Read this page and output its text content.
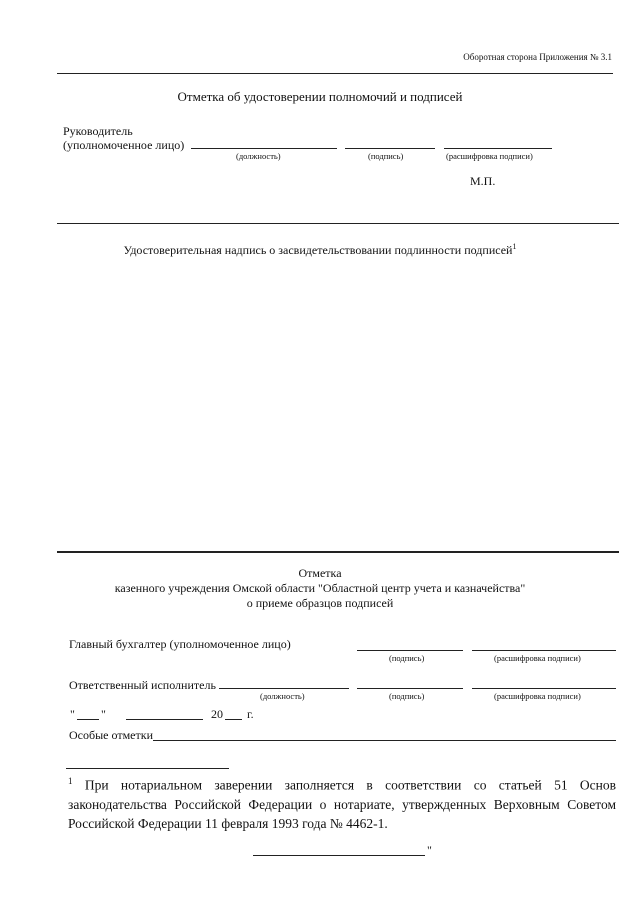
Оборотная сторона Приложения № 3.1
Отметка об удостоверении полномочий и подписей
Руководитель
(уполномоченное лицо)
(должность)	(подпись)	(расшифровка подписи)
М.П.
Удостоверительная надпись о засвидетельствовании подлинности подписей$^1$
Отметка
казенного учреждения Омской области "Областной центр учета и казначейства"
о приеме образцов подписей
Главный бухгалтер (уполномоченное лицо)
(подпись)	(расшифровка подписи)
Ответственный исполнитель
(должность)	(подпись)	(расшифровка подписи)
" "	20 г.
Особые отметки
$^1$ При нотариальном заверении заполняется в соответствии со статьей 51 Основ законодательства Российской Федерации о нотариате, утвержденных Верховным Советом Российской Федерации 11 февраля 1993 года № 4462-1.
"
